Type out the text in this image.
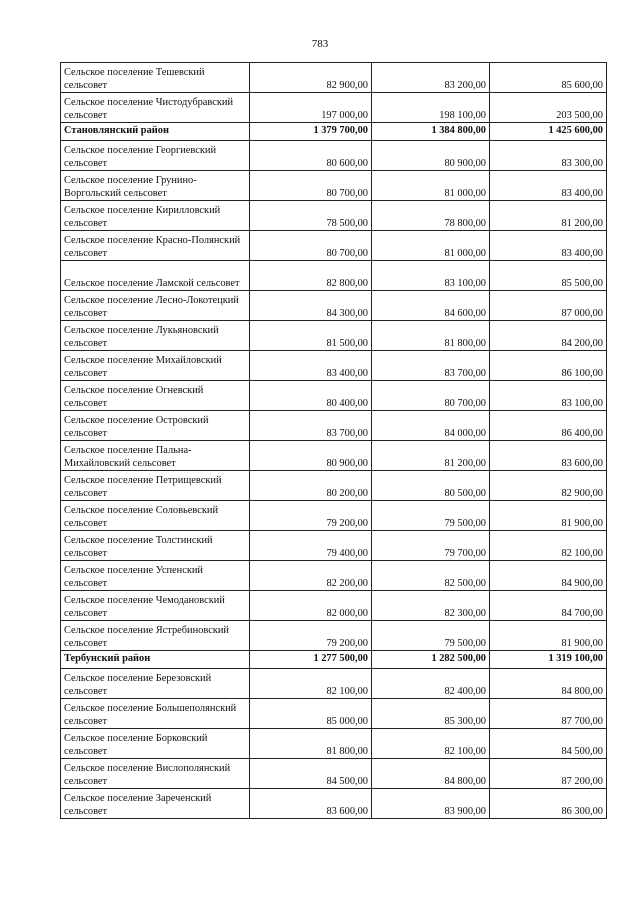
783
Сельское поселение Тешевский сельсовет	82 900,00	83 200,00	85 600,00
Сельское поселение Чистодубравский сельсовет	197 000,00	198 100,00	203 500,00
Становлянский район	1 379 700,00	1 384 800,00	1 425 600,00
Сельское поселение Георгиевский сельсовет	80 600,00	80 900,00	83 300,00
Сельское поселение Грунино-Воргольский сельсовет	80 700,00	81 000,00	83 400,00
Сельское поселение Кирилловский сельсовет	78 500,00	78 800,00	81 200,00
Сельское поселение Красно-Полянский сельсовет	80 700,00	81 000,00	83 400,00
Сельское поселение Ламской сельсовет	82 800,00	83 100,00	85 500,00
Сельское поселение Лесно-Локотецкий сельсовет	84 300,00	84 600,00	87 000,00
Сельское поселение Лукьяновский сельсовет	81 500,00	81 800,00	84 200,00
Сельское поселение Михайловский сельсовет	83 400,00	83 700,00	86 100,00
Сельское поселение Огневский сельсовет	80 400,00	80 700,00	83 100,00
Сельское поселение Островский сельсовет	83 700,00	84 000,00	86 400,00
Сельское поселение Пальна-Михайловский сельсовет	80 900,00	81 200,00	83 600,00
Сельское поселение Петрищевский сельсовет	80 200,00	80 500,00	82 900,00
Сельское поселение Соловьевский сельсовет	79 200,00	79 500,00	81 900,00
Сельское поселение Толстинский сельсовет	79 400,00	79 700,00	82 100,00
Сельское поселение Успенский сельсовет	82 200,00	82 500,00	84 900,00
Сельское поселение Чемодановский сельсовет	82 000,00	82 300,00	84 700,00
Сельское поселение Ястребиновский сельсовет	79 200,00	79 500,00	81 900,00
Тербунский район	1 277 500,00	1 282 500,00	1 319 100,00
Сельское поселение Березовский сельсовет	82 100,00	82 400,00	84 800,00
Сельское поселение Большеполянский сельсовет	85 000,00	85 300,00	87 700,00
Сельское поселение Борковский сельсовет	81 800,00	82 100,00	84 500,00
Сельское поселение Вислополянский сельсовет	84 500,00	84 800,00	87 200,00
Сельское поселение Зареченский сельсовет	83 600,00	83 900,00	86 300,00
